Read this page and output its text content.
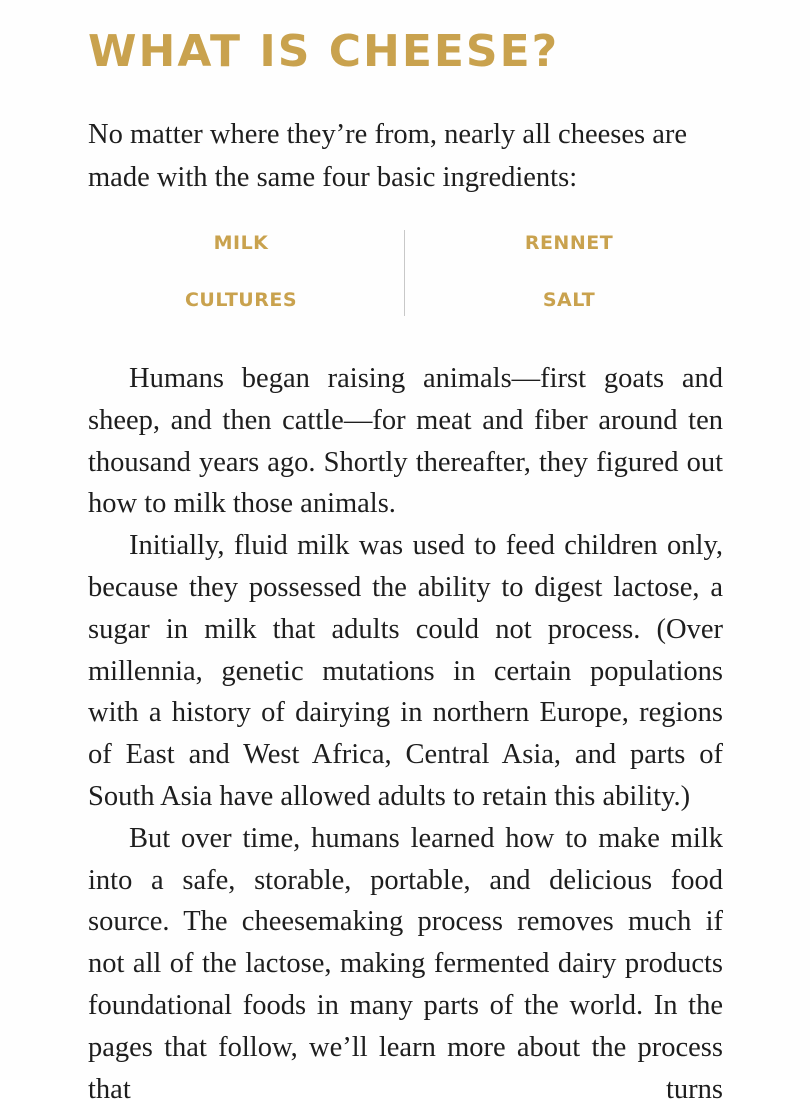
WHAT IS CHEESE?

No matter where they’re from, nearly all cheeses are made with the same four basic ingredients:

MILK
CULTURES
RENNET
SALT

Humans began raising animals—first goats and sheep, and then cattle—for meat and fiber around ten thousand years ago. Shortly thereafter, they figured out how to milk those animals.

Initially, fluid milk was used to feed children only, because they possessed the ability to digest lactose, a sugar in milk that adults could not process. (Over millennia, genetic mutations in certain populations with a history of dairying in northern Europe, regions of East and West Africa, Central Asia, and parts of South Asia have allowed adults to retain this ability.)

But over time, humans learned how to make milk into a safe, storable, portable, and delicious food source. The cheesemaking process removes much if not all of the lactose, making fermented dairy products foundational foods in many parts of the world. In the pages that follow, we’ll learn more about the process that turns
